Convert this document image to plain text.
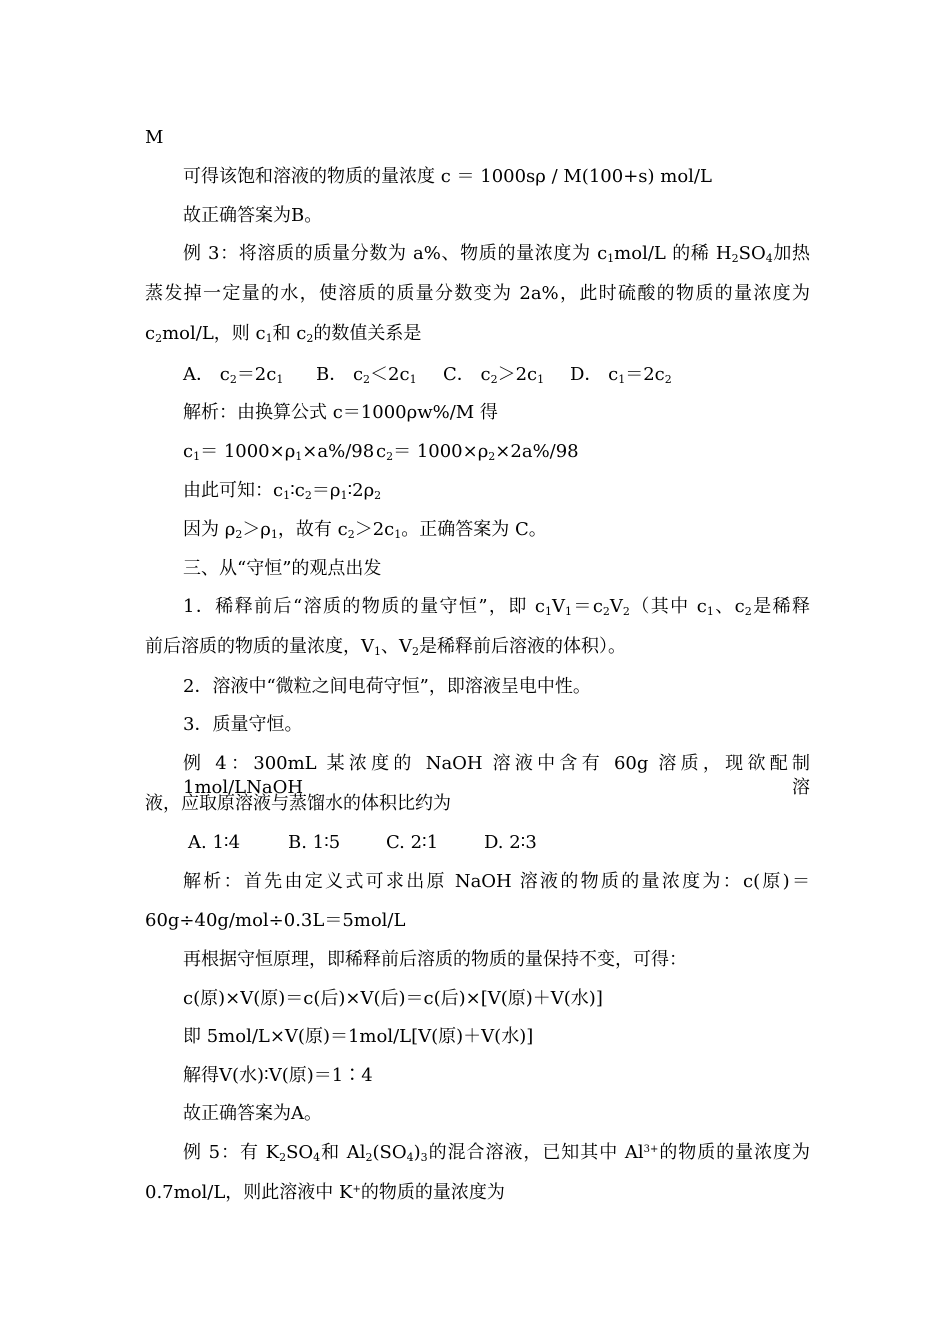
M
可得该饱和溶液的物质的量浓度 c ＝ 1000sρ / M(100+s) mol/L
故正确答案为B。
例 3：将溶质的质量分数为 a%、物质的量浓度为 $c_1mol/L$ 的稀 $H_2SO_4$加热
蒸发掉一定量的水，使溶质的质量分数变为 2a%，此时硫酸的物质的量浓度为
$c_2mol/L$，则 $c_1$和 $c_2$的数值关系是
A． $c_2=2c_1$ B． $c_2<2c_1$ C． $c_2>2c_1$ D． $c_1=2c_2$
解析：由换算公式 c＝1000ρw%/M 得
$c_1= 1000\times\rho_1\times a\%/98$ $c_2= 1000\times\rho_2\times 2a\%/98$
由此可知：$c_1∶c_2=\rho_1∶2\rho_2$
因为 $\rho_2>\rho_1$，故有 $c_2>2c_1$。正确答案为 C。
三、从“守恒”的观点出发
1．稀释前后“溶质的物质的量守恒”，即 $c_1V_1=c_2V_2$（其中 $c_1$、$c_2$是稀释
前后溶质的物质的量浓度，$V_1$、$V_2$是稀释前后溶液的体积）。
2．溶液中“微粒之间电荷守恒”，即溶液呈电中性。
3．质量守恒。
例 4：300mL 某浓度的 NaOH 溶液中含有 60g 溶质，现欲配制 1mol/LNaOH 溶
液，应取原溶液与蒸馏水的体积比约为
A. 1∶4	B. 1∶5	C. 2∶1	D. 2∶3
解析：首先由定义式可求出原 NaOH 溶液的物质的量浓度为：c(原)＝
60g÷40g/mol÷0.3L＝5mol/L
再根据守恒原理，即稀释前后溶质的物质的量保持不变，可得：
c(原)×V(原)＝c(后)×V(后)＝c(后)×[V(原)＋V(水)]
即 5mol/L×V(原)＝1mol/L[V(原)＋V(水)]
解得V(水)∶V(原)＝1∶4
故正确答案为A。
例 5：有 $K_2SO_4$和 $Al_2(SO_4)_3$的混合溶液，已知其中 $Al^{3+}$的物质的量浓度为
0.7mol/L，则此溶液中 K+的物质的量浓度为
